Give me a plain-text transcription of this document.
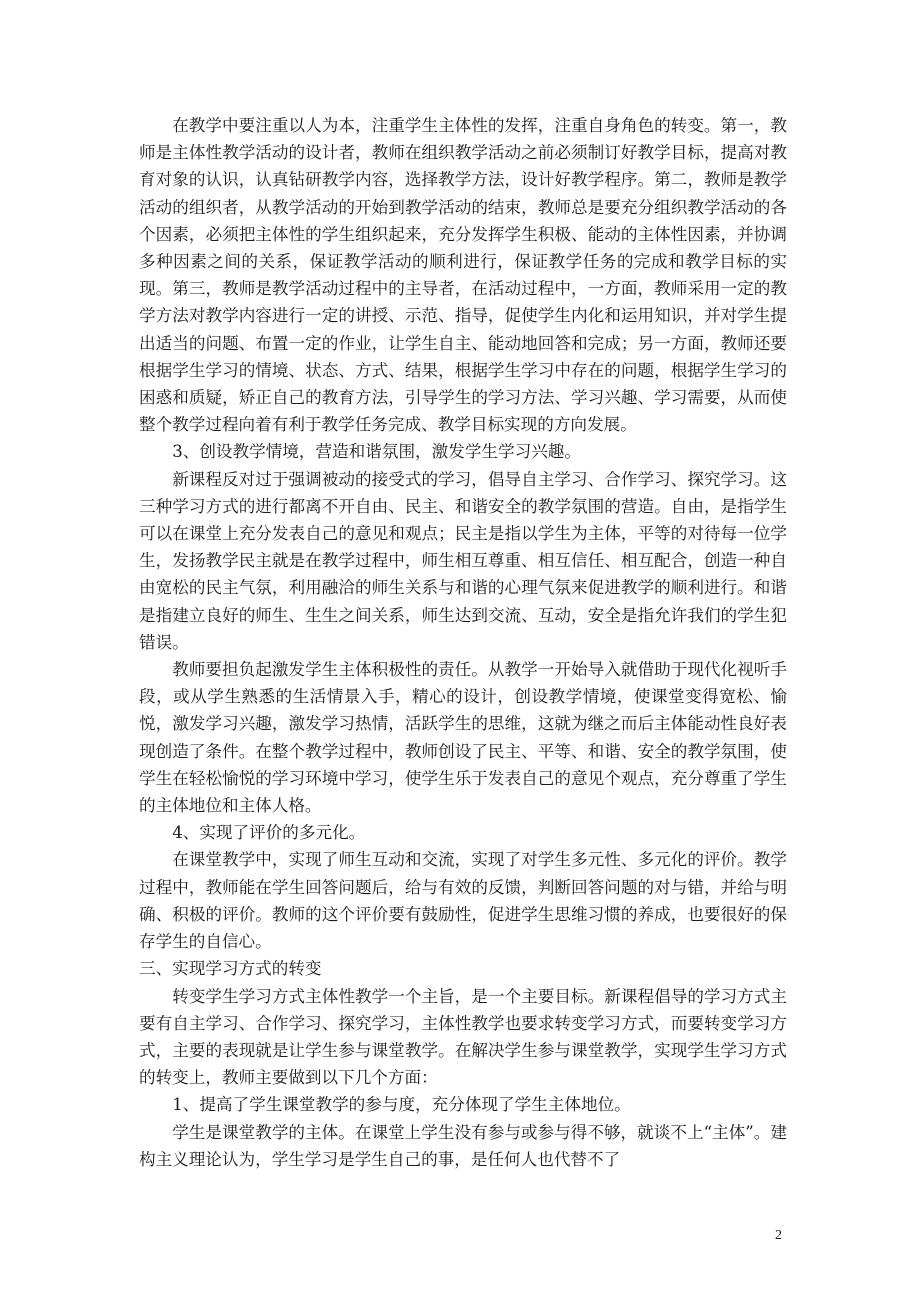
在教学中要注重以人为本，注重学生主体性的发挥，注重自身角色的转变。第一，教师是主体性教学活动的设计者，教师在组织教学活动之前必须制订好教学目标，提高对教育对象的认识，认真钻研教学内容，选择教学方法，设计好教学程序。第二，教师是教学活动的组织者，从教学活动的开始到教学活动的结束，教师总是要充分组织教学活动的各个因素，必须把主体性的学生组织起来，充分发挥学生积极、能动的主体性因素，并协调多种因素之间的关系，保证教学活动的顺利进行，保证教学任务的完成和教学目标的实现。第三，教师是教学活动过程中的主导者，在活动过程中，一方面，教师采用一定的教学方法对教学内容进行一定的讲授、示范、指导，促使学生内化和运用知识，并对学生提出适当的问题、布置一定的作业，让学生自主、能动地回答和完成；另一方面，教师还要根据学生学习的情境、状态、方式、结果，根据学生学习中存在的问题，根据学生学习的困惑和质疑，矫正自己的教育方法，引导学生的学习方法、学习兴趣、学习需要，从而使整个教学过程向着有利于教学任务完成、教学目标实现的方向发展。

3、创设教学情境，营造和谐氛围，激发学生学习兴趣。

新课程反对过于强调被动的接受式的学习，倡导自主学习、合作学习、探究学习。这三种学习方式的进行都离不开自由、民主、和谐安全的教学氛围的营造。自由，是指学生可以在课堂上充分发表自己的意见和观点；民主是指以学生为主体，平等的对待每一位学生，发扬教学民主就是在教学过程中，师生相互尊重、相互信任、相互配合，创造一种自由宽松的民主气氛，利用融洽的师生关系与和谐的心理气氛来促进教学的顺利进行。和谐是指建立良好的师生、生生之间关系，师生达到交流、互动，安全是指允许我们的学生犯错误。

教师要担负起激发学生主体积极性的责任。从教学一开始导入就借助于现代化视听手段，或从学生熟悉的生活情景入手，精心的设计，创设教学情境，使课堂变得宽松、愉悦，激发学习兴趣，激发学习热情，活跃学生的思维，这就为继之而后主体能动性良好表现创造了条件。在整个教学过程中，教师创设了民主、平等、和谐、安全的教学氛围，使学生在轻松愉悦的学习环境中学习，使学生乐于发表自己的意见个观点，充分尊重了学生的主体地位和主体人格。

4、实现了评价的多元化。

在课堂教学中，实现了师生互动和交流，实现了对学生多元性、多元化的评价。教学过程中，教师能在学生回答问题后，给与有效的反馈，判断回答问题的对与错，并给与明确、积极的评价。教师的这个评价要有鼓励性，促进学生思维习惯的养成，也要很好的保存学生的自信心。

三、实现学习方式的转变

转变学生学习方式主体性教学一个主旨，是一个主要目标。新课程倡导的学习方式主要有自主学习、合作学习、探究学习，主体性教学也要求转变学习方式，而要转变学习方式，主要的表现就是让学生参与课堂教学。在解决学生参与课堂教学，实现学生学习方式的转变上，教师主要做到以下几个方面：

1、提高了学生课堂教学的参与度，充分体现了学生主体地位。

学生是课堂教学的主体。在课堂上学生没有参与或参与得不够，就谈不上“主体”。建构主义理论认为，学生学习是学生自己的事，是任何人也代替不了

2
